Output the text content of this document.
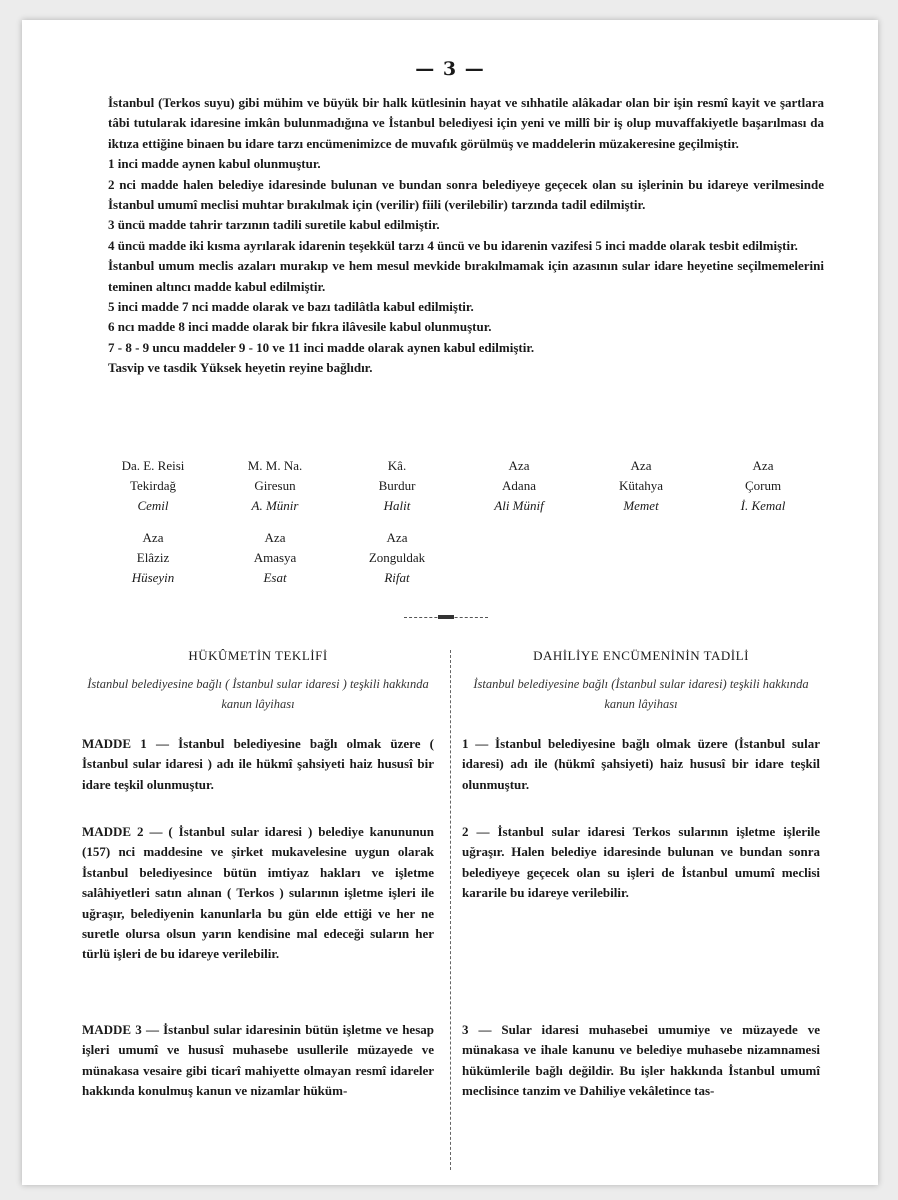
— 3 —

İstanbul (Terkos suyu) gibi mühim ve büyük bir halk kütlesinin hayat ve sıhhatile alâkadar olan bir işin resmî kayit ve şartlara tâbi tutularak idaresine imkân bulunmadığına ve İstanbul belediyesi için yeni ve millî bir iş olup muvaffakiyetle başarılması da iktıza ettiğine binaen bu idare tarzı encümenimizce de muvafık görülmüş ve maddelerin müzakeresine geçilmiştir.

1 inci madde aynen kabul olunmuştur.

2 nci madde halen belediye idaresinde bulunan ve bundan sonra belediyeye geçecek olan su işlerinin bu idareye verilmesinde İstanbul umumî meclisi muhtar bırakılmak için (verilir) fiili (verilebilir) tarzında tadil edilmiştir.

3 üncü madde tahrir tarzının tadili suretile kabul edilmiştir.

4 üncü madde iki kısma ayrılarak idarenin teşekkül tarzı 4 üncü ve bu idarenin vazifesi 5 inci madde olarak tesbit edilmiştir.

İstanbul umum meclis azaları murakıp ve hem mesul mevkide bırakılmamak için azasının sular idare heyetine seçilmemelerini teminen altıncı madde kabul edilmiştir.

5 inci madde 7 nci madde olarak ve bazı tadilâtla kabul edilmiştir.

6 ncı madde 8 inci madde olarak bir fıkra ilâvesile kabul olunmuştur.

7 - 8 - 9 uncu maddeler 9 - 10 ve 11 inci madde olarak aynen kabul edilmiştir.

Tasvip ve tasdik Yüksek heyetin reyine bağlıdır.

Da. E. Reisi
Tekirdağ
Cemil
M. M. Na.
Giresun
A. Münir
Kâ.
Burdur
Halit
Aza
Adana
Ali Münif
Aza
Kütahya
Memet
Aza
Çorum
İ. Kemal
Aza
Elâziz
Hüseyin
Aza
Amasya
Esat
Aza
Zonguldak
Rifat
HÜKÛMETİN TEKLİFİ
İstanbul belediyesine bağlı ( İstanbul sular idaresi ) teşkili hakkında kanun lâyihası

MADDE 1 — İstanbul belediyesine bağlı olmak üzere ( İstanbul sular idaresi ) adı ile hükmî şahsiyeti haiz hususî bir idare teşkil olunmuştur.

MADDE 2 — ( İstanbul sular idaresi ) belediye kanununun (157) nci maddesine ve şirket mukavelesine uygun olarak İstanbul belediyesince bütün imtiyaz hakları ve işletme salâhiyetleri satın alınan ( Terkos ) sularının işletme işleri ile uğraşır, belediyenin kanunlarla bu gün elde ettiği ve her ne suretle olursa olsun yarın kendisine mal edeceği suların her türlü işleri de bu idareye verilebilir.

MADDE 3 — İstanbul sular idaresinin bütün işletme ve hesap işleri umumî ve hususî muhasebe usullerile müzayede ve münakasa vesaire gibi ticarî mahiyette olmayan resmî idareler hakkında konulmuş kanun ve nizamlar hüküm-

DAHİLİYE ENCÜMENİNİN TADİLİ
İstanbul belediyesine bağlı (İstanbul sular idaresi) teşkili hakkında kanun lâyihası

1 — İstanbul belediyesine bağlı olmak üzere (İstanbul sular idaresi) adı ile (hükmî şahsiyeti) haiz hususî bir idare teşkil olunmuştur.

2 — İstanbul sular idaresi Terkos sularının işletme işlerile uğraşır. Halen belediye idaresinde bulunan ve bundan sonra belediyeye geçecek olan su işleri de İstanbul umumî meclisi kararile bu idareye verilebilir.

3 — Sular idaresi muhasebei umumiye ve müzayede ve münakasa ve ihale kanunu ve belediye muhasebe nizamnamesi hükümlerile bağlı değildir. Bu işler hakkında İstanbul umumî meclisince tanzim ve Dahiliye vekâletince tas-
